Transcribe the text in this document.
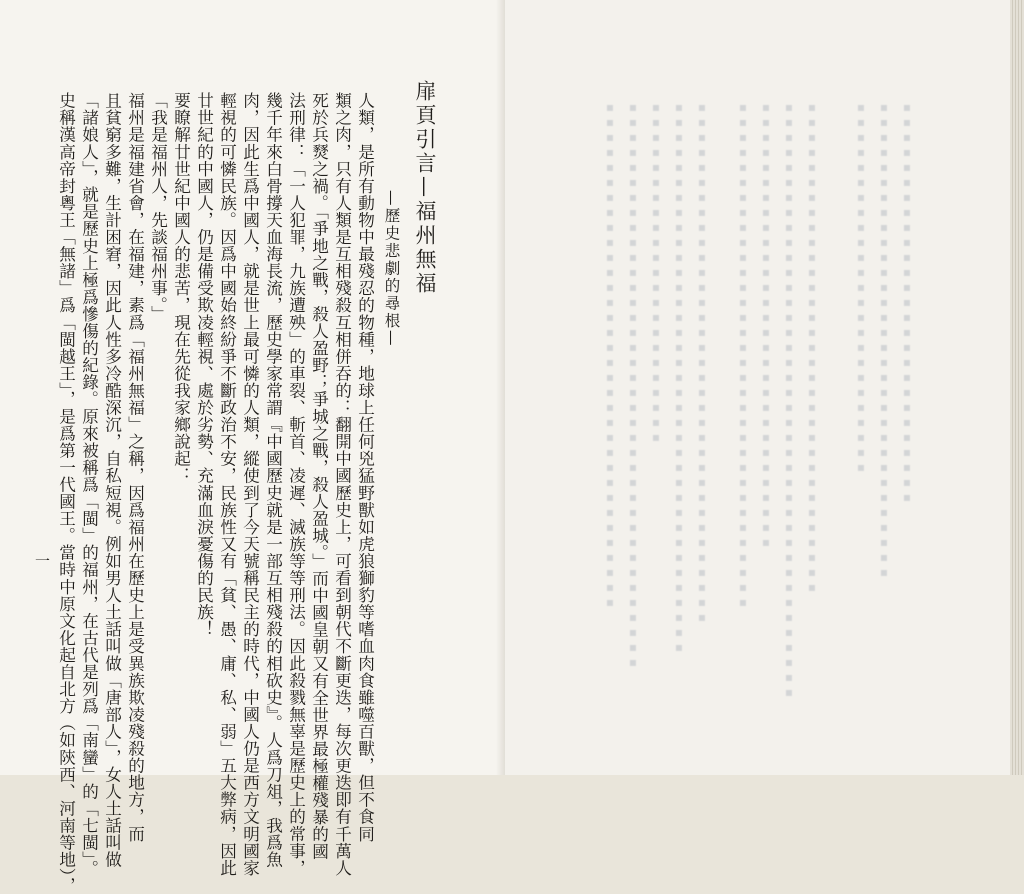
扉頁引言—福州無福
—歷史悲劇的尋根—
人類，是所有動物中最殘忍的物種，地球上任何兇猛野獸如虎狼獅豹等嗜血肉食雖噬百獸，但不食同
類之肉，只有人類是互相殘殺互相併吞的：翻開中國歷史上，可看到朝代不斷更迭，每次更迭即有千萬人
死於兵燹之禍。「爭地之戰，殺人盈野；爭城之戰，殺人盈城。」而中國皇朝又有全世界最極權殘暴的國
法刑律：「一人犯罪，九族遭殃」的車裂、斬首、凌遲、滅族等等刑法。因此殺戮無辜是歷史上的常事，
幾千年來白骨撐天血海長流，歷史學家常謂『中國歷史就是一部互相殘殺的相砍史』。人爲刀俎，我爲魚
肉，因此生爲中國人，就是世上最可憐的人類，縱使到了今天號稱民主的時代，中國人仍是西方文明國家
輕視的可憐民族。因爲中國始終紛爭不斷政治不安，民族性又有「貧、愚、庸、私、弱」五大弊病，因此
廿世紀的中國人，仍是備受欺凌輕視、處於劣勢、充滿血淚憂傷的民族！
要瞭解廿世紀中國人的悲苦，現在先從我家鄉說起：
「我是福州人，先談福州事。」
福州是福建省會，在福建，素爲「福州無福」之稱，因爲福州在歷史上是受異族欺凌殘殺的地方，而
且貧窮多難，生計困窘，因此人性多冷酷深沉，自私短視。例如男人土話叫做「唐部人」，女人土話叫做
「諸娘人」，就是歷史上極爲慘傷的紀錄。原來被稱爲「閩」的福州，在古代是列爲「南蠻」的「七閩」。
史稱漢高帝封粵王「無諸」爲「閩越王」，是爲第一代國王。當時中原文化起自北方（如陝西、河南等地），
一
▪▪▪▪▪▪▪▪▪▪▪▪▪▪▪▪▪▪▪▪▪▪▪▪▪▪▪
▪▪▪▪▪▪▪▪▪▪▪▪▪▪▪▪▪▪▪▪▪▪▪▪▪▪▪▪▪▪▪▪
▪▪▪▪▪▪▪▪▪▪▪▪▪▪▪▪▪▪▪▪▪▪▪▪▪
▪▪▪▪▪▪▪▪▪▪▪▪▪▪▪▪▪▪▪▪▪▪▪▪▪▪▪▪▪▪▪▪▪
▪▪▪▪▪▪▪▪▪▪▪▪▪▪▪▪▪▪▪▪▪▪▪▪▪▪▪▪▪▪▪▪▪▪▪▪▪▪▪▪
▪▪▪▪▪▪▪▪▪▪▪▪▪▪▪▪▪▪▪▪▪▪▪▪▪▪▪▪▪▪
▪▪▪▪▪▪▪▪▪▪▪▪▪▪▪▪▪▪▪▪▪▪▪▪▪▪▪▪▪▪▪▪▪▪
▪▪▪▪▪▪▪▪▪▪▪▪▪▪▪▪▪▪▪▪▪▪▪▪▪▪▪▪▪▪▪▪▪▪▪
▪▪▪▪▪▪▪▪▪▪▪▪▪▪▪▪▪▪▪▪▪▪▪▪▪▪▪▪▪▪▪▪▪▪▪▪▪
▪▪▪▪▪▪▪▪▪▪▪▪▪▪▪▪▪▪▪▪▪▪▪
▪▪▪▪▪▪▪▪▪▪▪▪▪▪▪▪▪▪▪▪▪▪▪▪▪▪▪▪▪▪▪▪▪▪▪▪▪▪
▪▪▪▪▪▪▪▪▪▪▪▪▪▪▪▪▪▪▪▪▪▪▪▪▪▪▪▪▪▪▪▪▪▪
